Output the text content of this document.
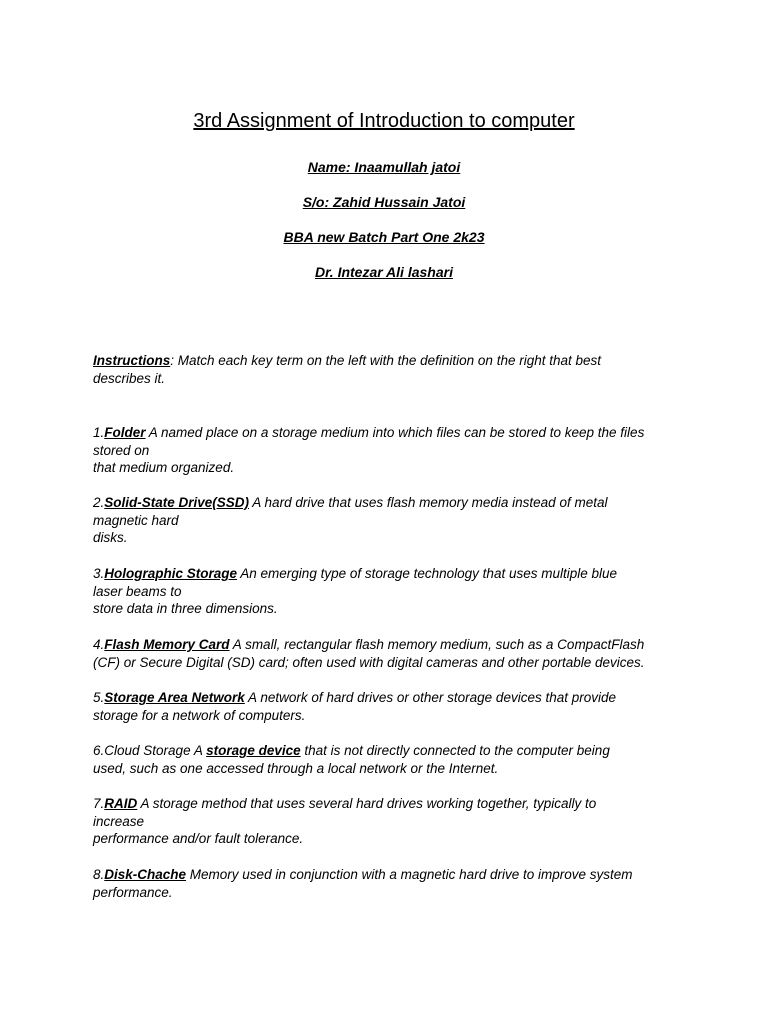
3rd Assignment of Introduction to computer
Name: Inaamullah jatoi
S/o: Zahid Hussain Jatoi
BBA new Batch Part One 2k23
Dr. Intezar Ali lashari
Instructions: Match each key term on the left with the definition on the right that best
describes it.
1.Folder A named place on a storage medium into which files can be stored to keep the files
stored on
that medium organized.
2.Solid-State Drive(SSD) A hard drive that uses flash memory media instead of metal
magnetic hard
disks.
3.Holographic Storage An emerging type of storage technology that uses multiple blue
laser beams to
store data in three dimensions.
4.Flash Memory Card A small, rectangular flash memory medium, such as a CompactFlash
(CF) or Secure Digital (SD) card; often used with digital cameras and other portable devices.
5.Storage Area Network A network of hard drives or other storage devices that provide
storage for a network of computers.
6.Cloud Storage A storage device that is not directly connected to the computer being
used, such as one accessed through a local network or the Internet.
7.RAID A storage method that uses several hard drives working together, typically to
increase
performance and/or fault tolerance.
8.Disk-Chache Memory used in conjunction with a magnetic hard drive to improve system
performance.
